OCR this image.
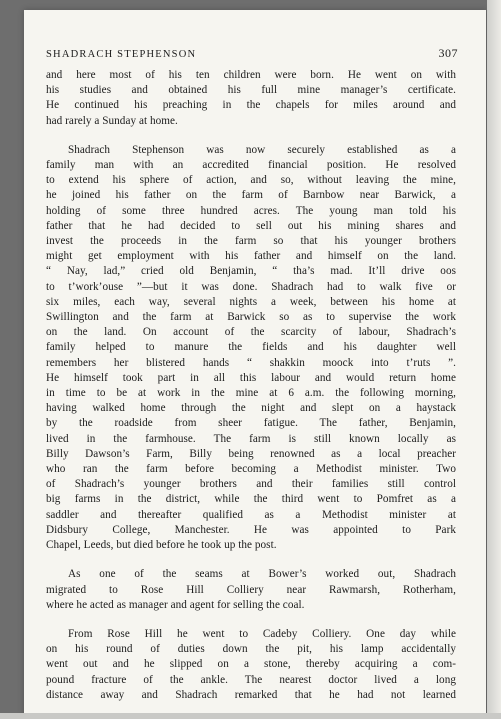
SHADRACH STEPHENSON	307

and here most of his ten children were born. He went on with
his studies and obtained his full mine manager’s certificate.
He continued his preaching in the chapels for miles around and
had rarely a Sunday at home.

Shadrach Stephenson was now securely established as a
family man with an accredited financial position. He resolved
to extend his sphere of action, and so, without leaving the mine,
he joined his father on the farm of Barnbow near Barwick, a
holding of some three hundred acres. The young man told his
father that he had decided to sell out his mining shares and
invest the proceeds in the farm so that his younger brothers
might get employment with his father and himself on the land.
“ Nay, lad,” cried old Benjamin, “ tha’s mad. It’ll drive oos
to t’work’ouse ”—but it was done. Shadrach had to walk five or
six miles, each way, several nights a week, between his home at
Swillington and the farm at Barwick so as to supervise the work
on the land. On account of the scarcity of labour, Shadrach’s
family helped to manure the fields and his daughter well
remembers her blistered hands “ shakkin moock into t’ruts ”.
He himself took part in all this labour and would return home
in time to be at work in the mine at 6 a.m. the following morning,
having walked home through the night and slept on a haystack
by the roadside from sheer fatigue. The father, Benjamin,
lived in the farmhouse. The farm is still known locally as
Billy Dawson’s Farm, Billy being renowned as a local preacher
who ran the farm before becoming a Methodist minister. Two
of Shadrach’s younger brothers and their families still control
big farms in the district, while the third went to Pomfret as a
saddler and thereafter qualified as a Methodist minister at
Didsbury College, Manchester. He was appointed to Park
Chapel, Leeds, but died before he took up the post.

As one of the seams at Bower’s worked out, Shadrach
migrated to Rose Hill Colliery near Rawmarsh, Rotherham,
where he acted as manager and agent for selling the coal.

From Rose Hill he went to Cadeby Colliery. One day while
on his round of duties down the pit, his lamp accidentally
went out and he slipped on a stone, thereby acquiring a com-
pound fracture of the ankle. The nearest doctor lived a long
distance away and Shadrach remarked that he had not learned
